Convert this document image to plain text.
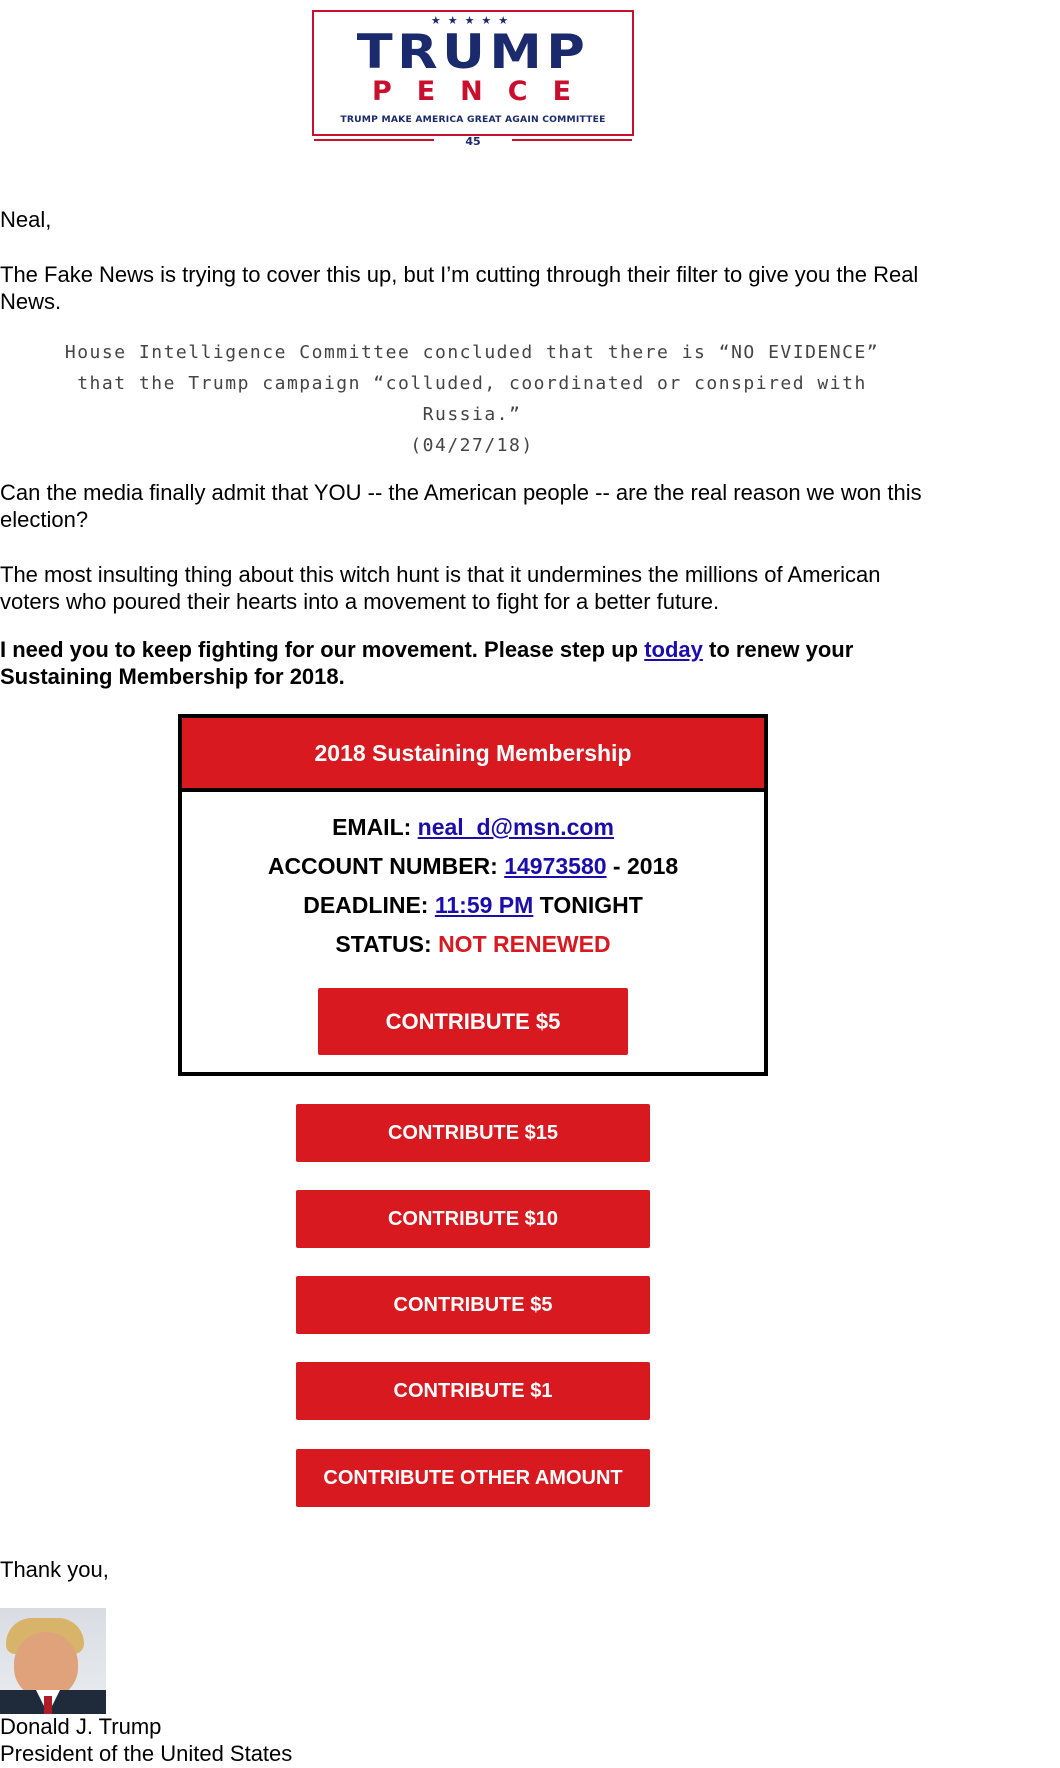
★★★★★
TRUMP
PENCE
TRUMP MAKE AMERICA GREAT AGAIN COMMITTEE
45

Neal,

The Fake News is trying to cover this up, but I’m cutting through their filter to give you the Real News.

House Intelligence Committee concluded that there is “NO EVIDENCE”
that the Trump campaign “colluded, coordinated or conspired with
Russia.”
(04/27/18)

Can the media finally admit that YOU -- the American people -- are the real reason we won this election?

The most insulting thing about this witch hunt is that it undermines the millions of American voters who poured their hearts into a movement to fight for a better future.

I need you to keep fighting for our movement. Please step up today to renew your Sustaining Membership for 2018.

2018 Sustaining Membership
EMAIL: neal_d@msn.com
ACCOUNT NUMBER: 14973580 - 2018
DEADLINE: 11:59 PM TONIGHT
STATUS: NOT RENEWED
CONTRIBUTE $5
CONTRIBUTE $15
CONTRIBUTE $10
CONTRIBUTE $5
CONTRIBUTE $1
CONTRIBUTE OTHER AMOUNT

Thank you,

Donald J. Trump

President of the United States
